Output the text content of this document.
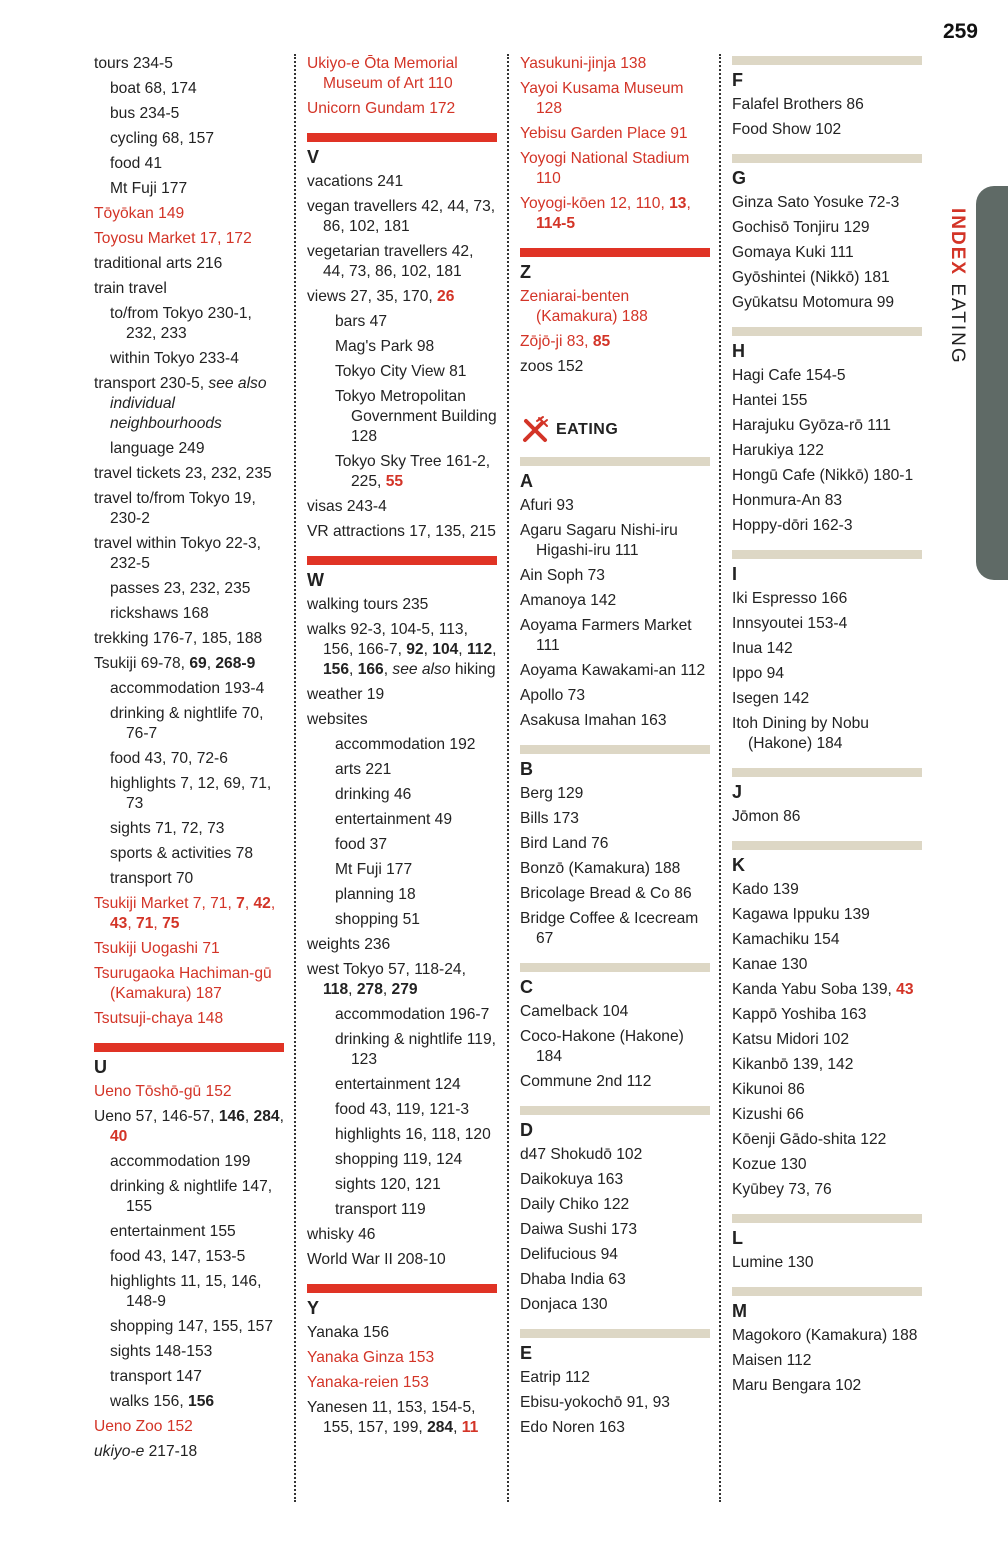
259
INDEX EATING
tours 234-5
boat 68, 174
bus 234-5
cycling 68, 157
food 41
Mt Fuji 177
Tōyōkan 149
Toyosu Market 17, 172
traditional arts 216
train travel
to/from Tokyo 230-1, 232, 233
within Tokyo 233-4
transport 230-5, see also individual neighbourhoods
language 249
travel tickets 23, 232, 235
travel to/from Tokyo 19, 230-2
travel within Tokyo 22-3, 232-5
passes 23, 232, 235
rickshaws 168
trekking 176-7, 185, 188
Tsukiji 69-78, 69, 268-9
accommodation 193-4
drinking & nightlife 70, 76-7
food 43, 70, 72-6
highlights 7, 12, 69, 71, 73
sights 71, 72, 73
sports & activities 78
transport 70
Tsukiji Market 7, 71, 7, 42, 43, 71, 75
Tsukiji Uogashi 71
Tsurugaoka Hachiman-gū (Kamakura) 187
Tsutsuji-chaya 148
U
Ueno Tōshō-gū 152
Ueno 57, 146-57, 146, 284, 40
accommodation 199
drinking & nightlife 147, 155
entertainment 155
food 43, 147, 153-5
highlights 11, 15, 146, 148-9
shopping 147, 155, 157
sights 148-153
transport 147
walks 156, 156
Ueno Zoo 152
ukiyo-e 217-18
Ukiyo-e Ōta Memorial Museum of Art 110
Unicorn Gundam 172
V
vacations 241
vegan travellers 42, 44, 73, 86, 102, 181
vegetarian travellers 42, 44, 73, 86, 102, 181
views 27, 35, 170, 26
bars 47
Mag's Park 98
Tokyo City View 81
Tokyo Metropolitan Government Building 128
Tokyo Sky Tree 161-2, 225, 55
visas 243-4
VR attractions 17, 135, 215
W
walking tours 235
walks 92-3, 104-5, 113, 156, 166-7, 92, 104, 112, 156, 166, see also hiking
weather 19
websites
accommodation 192
arts 221
drinking 46
entertainment 49
food 37
Mt Fuji 177
planning 18
shopping 51
weights 236
west Tokyo 57, 118-24, 118, 278, 279
accommodation 196-7
drinking & nightlife 119, 123
entertainment 124
food 43, 119, 121-3
highlights 16, 118, 120
shopping 119, 124
sights 120, 121
transport 119
whisky 46
World War II 208-10
Y
Yanaka 156
Yanaka Ginza 153
Yanaka-reien 153
Yanesen 11, 153, 154-5, 155, 157, 199, 284, 11
Yasukuni-jinja 138
Yayoi Kusama Museum 128
Yebisu Garden Place 91
Yoyogi National Stadium 110
Yoyogi-kōen 12, 110, 13, 114-5
Z
Zeniarai-benten (Kamakura) 188
Zōjō-ji 83, 85
zoos 152
EATING
A
Afuri 93
Agaru Sagaru Nishi-iru Higashi-iru 111
Ain Soph 73
Amanoya 142
Aoyama Farmers Market 111
Aoyama Kawakami-an 112
Apollo 73
Asakusa Imahan 163
B
Berg 129
Bills 173
Bird Land 76
Bonzō (Kamakura) 188
Bricolage Bread & Co 86
Bridge Coffee & Icecream 67
C
Camelback 104
Coco-Hakone (Hakone) 184
Commune 2nd 112
D
d47 Shokudō 102
Daikokuya 163
Daily Chiko 122
Daiwa Sushi 173
Delifucious 94
Dhaba India 63
Donjaca 130
E
Eatrip 112
Ebisu-yokochō 91, 93
Edo Noren 163
F
Falafel Brothers 86
Food Show 102
G
Ginza Sato Yosuke 72-3
Gochisō Tonjiru 129
Gomaya Kuki 111
Gyōshintei (Nikkō) 181
Gyūkatsu Motomura 99
H
Hagi Cafe 154-5
Hantei 155
Harajuku Gyōza-rō 111
Harukiya 122
Hongū Cafe (Nikkō) 180-1
Honmura-An 83
Hoppy-dōri 162-3
I
Iki Espresso 166
Innsyoutei 153-4
Inua 142
Ippo 94
Isegen 142
Itoh Dining by Nobu (Hakone) 184
J
Jōmon 86
K
Kado 139
Kagawa Ippuku 139
Kamachiku 154
Kanae 130
Kanda Yabu Soba 139, 43
Kappō Yoshiba 163
Katsu Midori 102
Kikanbō 139, 142
Kikunoi 86
Kizushi 66
Kōenji Gādo-shita 122
Kozue 130
Kyūbey 73, 76
L
Lumine 130
M
Magokoro (Kamakura) 188
Maisen 112
Maru Bengara 102
